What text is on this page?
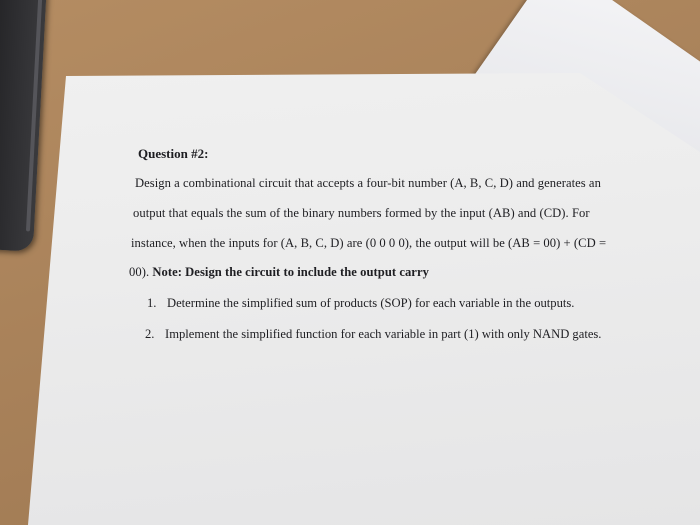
Question #2:
Design a combinational circuit that accepts a four-bit number (A, B, C, D) and generates an
output that equals the sum of the binary numbers formed by the input (AB) and (CD). For
instance, when the inputs for (A, B, C, D) are (0 0 0 0), the output will be (AB = 00) + (CD =
00). Note: Design the circuit to include the output carry
1. Determine the simplified sum of products (SOP) for each variable in the outputs.
2. Implement the simplified function for each variable in part (1) with only NAND gates.
